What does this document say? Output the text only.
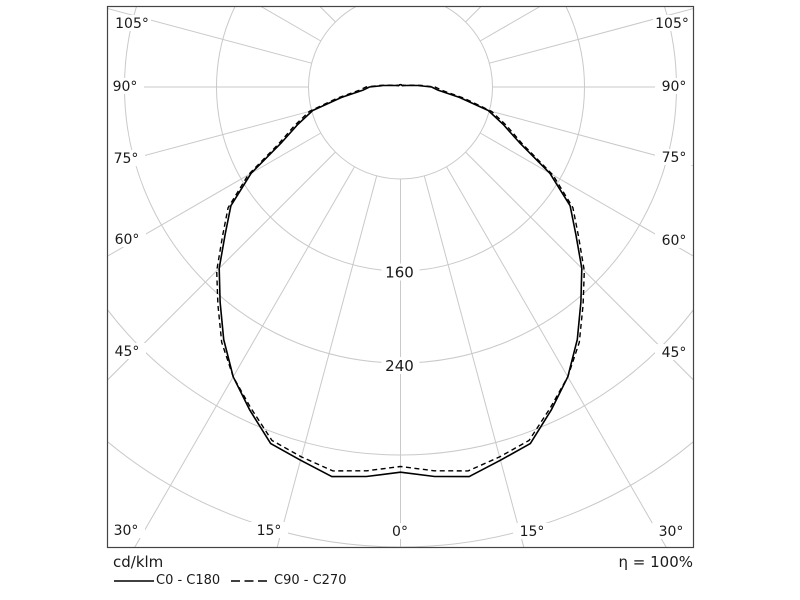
160
240
105°
90°
75°
60°
45°
30°	15°	0°	15°	30°
45°
60°
75°
90°
105°
cd/klm
C0 - C180	C90 - C270
η = 100%
